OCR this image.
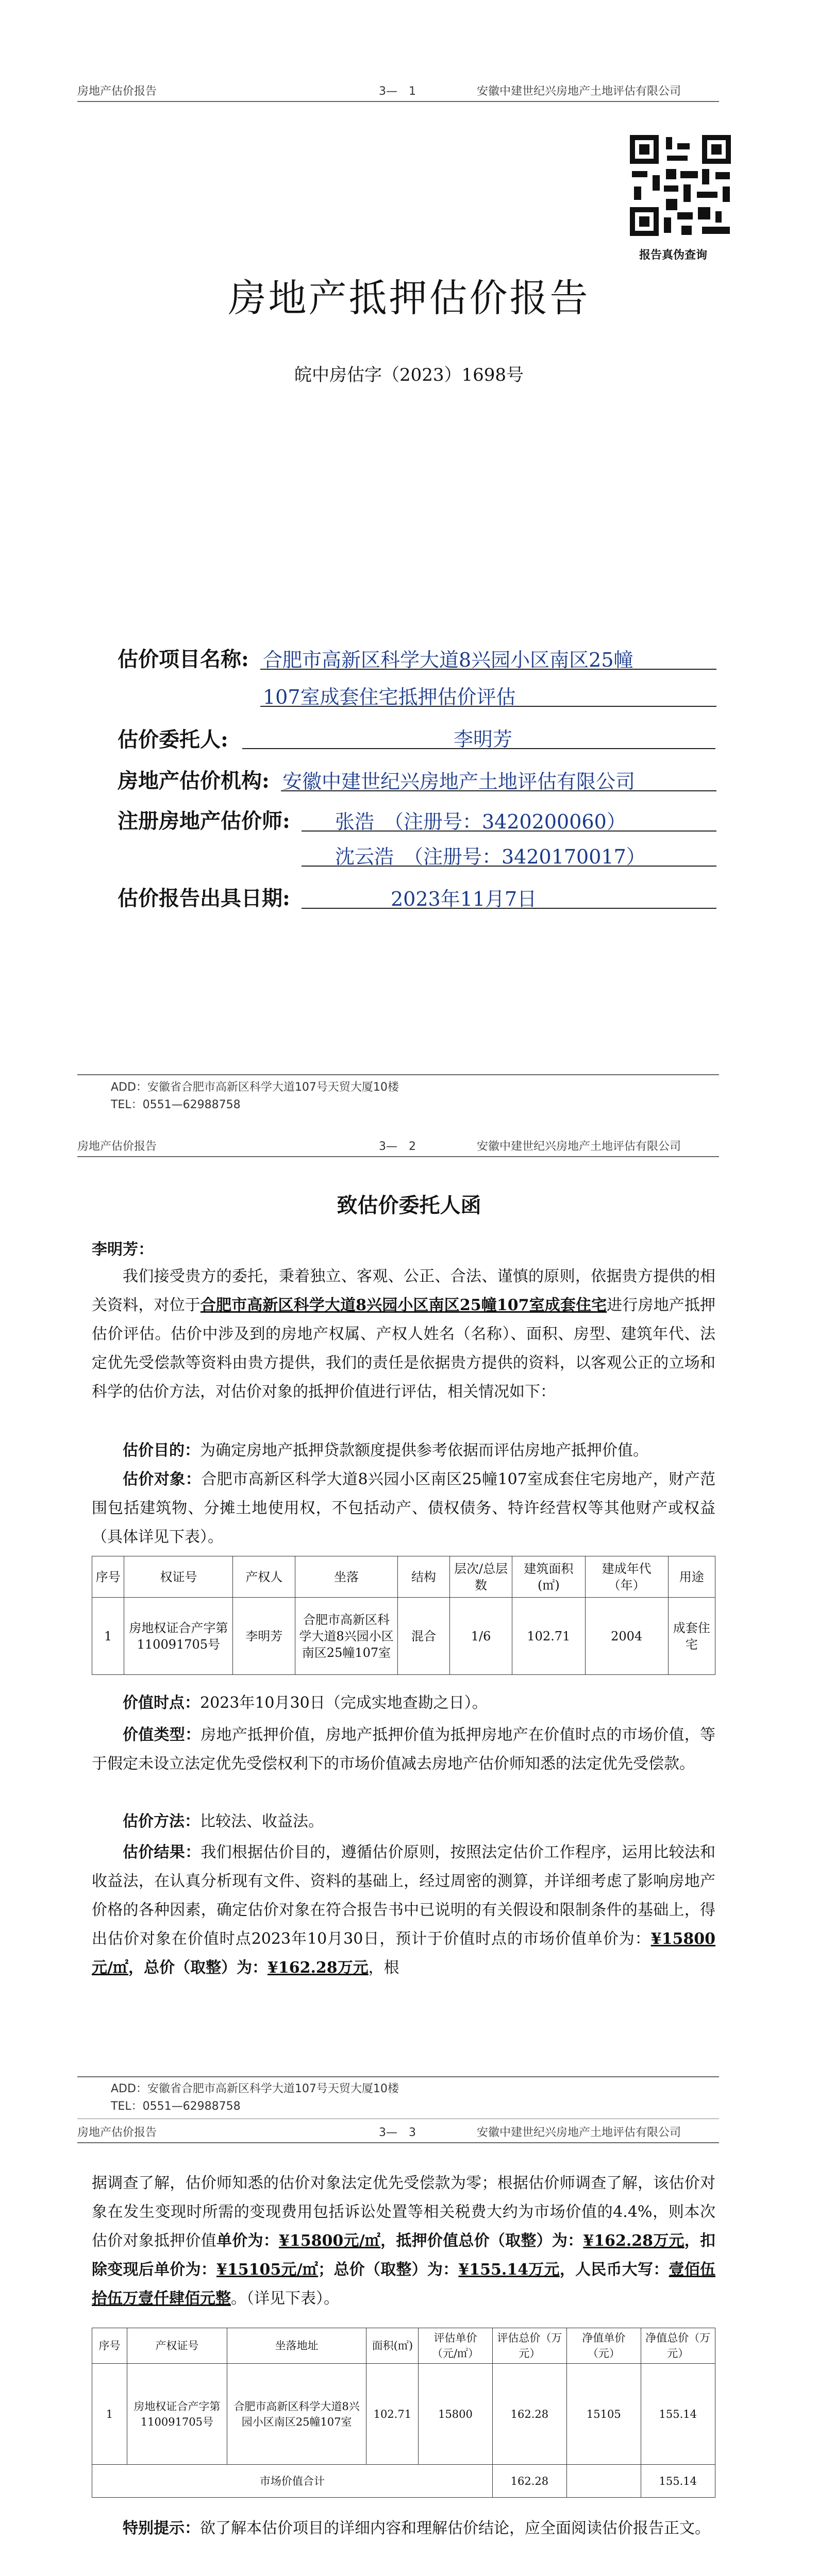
房地产估价报告	3—　1	安徽中建世纪兴房地产土地评估有限公司
报告真伪查询
房地产抵押估价报告
皖中房估字（2023）1698号
估价项目名称: 合肥市高新区科学大道8兴园小区南区25幢
107室成套住宅抵押估价评估
估价委托人:	李明芳
房地产估价机构: 安徽中建世纪兴房地产土地评估有限公司
注册房地产估价师: 张浩　（注册号：3420200060）
沈云浩　（注册号：3420170017）
估价报告出具日期:	2023年11月7日
ADD：安徽省合肥市高新区科学大道107号天贸大厦10楼
TEL：0551—62988758
房地产估价报告	3—　2	安徽中建世纪兴房地产土地评估有限公司
致估价委托人函
李明芳：
我们接受贵方的委托，秉着独立、客观、公正、合法、谨慎的原则，依据贵方提供的相关资料，对位于合肥市高新区科学大道8兴园小区南区25幢107室成套住宅进行房地产抵押估价评估。估价中涉及到的房地产权属、产权人姓名（名称）、面积、房型、建筑年代、法定优先受偿款等资料由贵方提供，我们的责任是依据贵方提供的资料，以客观公正的立场和科学的估价方法，对估价对象的抵押价值进行评估，相关情况如下：
估价目的：为确定房地产抵押贷款额度提供参考依据而评估房地产抵押价值。
估价对象：合肥市高新区科学大道8兴园小区南区25幢107室成套住宅房地产，财产范围包括建筑物、分摊土地使用权，不包括动产、债权债务、特许经营权等其他财产或权益（具体详见下表）。
序号	权证号	产权人	坐落	结构	层次/总层数	建筑面积(㎡)	建成年代（年）	用途
1	房地权证合产字第110091705号	李明芳	合肥市高新区科学大道8兴园小区南区25幢107室	混合	1/6	102.71	2004	成套住宅
价值时点：2023年10月30日（完成实地查勘之日）。
价值类型：房地产抵押价值，房地产抵押价值为抵押房地产在价值时点的市场价值，等于假定未设立法定优先受偿权利下的市场价值减去房地产估价师知悉的法定优先受偿款。
估价方法：比较法、收益法。
估价结果：我们根据估价目的，遵循估价原则，按照法定估价工作程序，运用比较法和收益法，在认真分析现有文件、资料的基础上，经过周密的测算，并详细考虑了影响房地产价格的各种因素，确定估价对象在符合报告书中已说明的有关假设和限制条件的基础上，得出估价对象在价值时点2023年10月30日，预计于价值时点的市场价值单价为：¥15800元/㎡，总价（取整）为：¥162.28万元，根
ADD：安徽省合肥市高新区科学大道107号天贸大厦10楼
TEL：0551—62988758
房地产估价报告	3—　3	安徽中建世纪兴房地产土地评估有限公司
据调查了解，估价师知悉的估价对象法定优先受偿款为零；根据估价师调查了解，该估价对象在发生变现时所需的变现费用包括诉讼处置等相关税费大约为市场价值的4.4%，则本次估价对象抵押价值单价为：¥15800元/㎡，抵押价值总价（取整）为：¥162.28万元，扣除变现后单价为：¥15105元/㎡；总价（取整）为：¥155.14万元，人民币大写：壹佰伍拾伍万壹仟肆佰元整。（详见下表）。
序号	产权证号	坐落地址	面积(㎡)	评估单价（元/㎡）	评估总价（万元）	净值单价（元）	净值总价（万元）
1	房地权证合产字第110091705号	合肥市高新区科学大道8兴园小区南区25幢107室	102.71	15800	162.28	15105	155.14
市场价值合计					162.28		155.14
特别提示：欲了解本估价项目的详细内容和理解估价结论，应全面阅读估价报告正文。
